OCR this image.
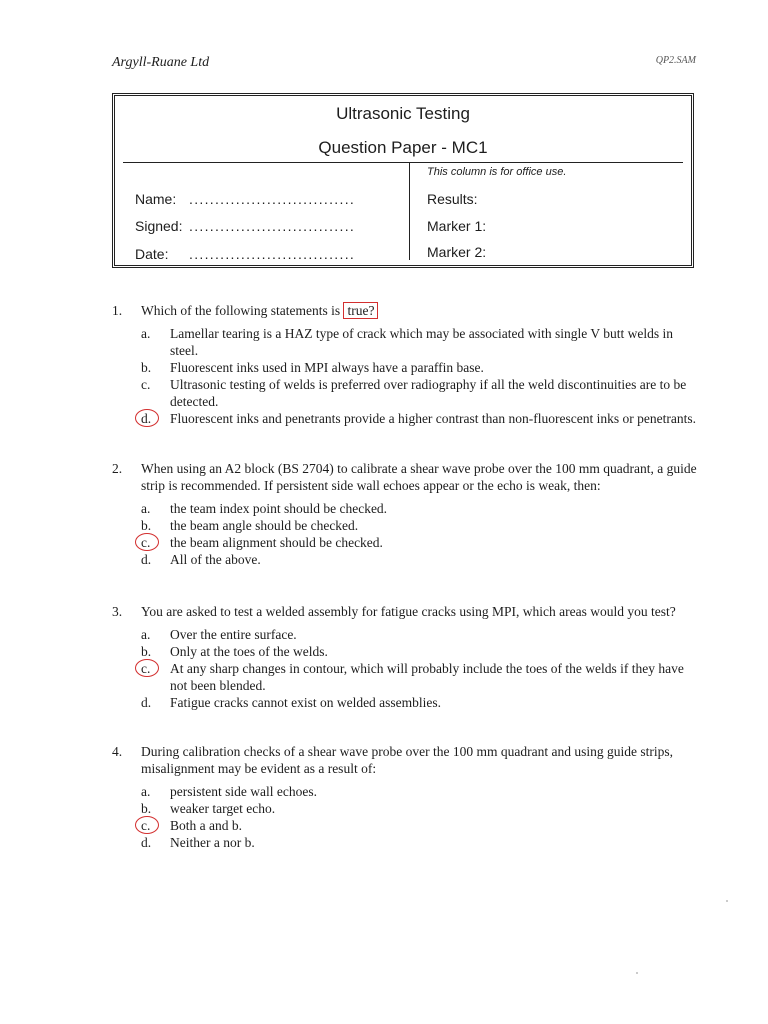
Argyll-Ruane Ltd	QP2.SAM
Ultrasonic Testing
Question Paper - MC1
This column is for office use.
Name: ................................
Signed: ................................
Date: ................................
Results:
Marker 1:
Marker 2:
1.	Which of the following statements is true?
a.	Lamellar tearing is a HAZ type of crack which may be associated with single V butt welds in steel.
b.	Fluorescent inks used in MPI always have a paraffin base.
c.	Ultrasonic testing of welds is preferred over radiography if all the weld discontinuities are to be detected.
d.	Fluorescent inks and penetrants provide a higher contrast than non-fluorescent inks or penetrants.
2.	When using an A2 block (BS 2704) to calibrate a shear wave probe over the 100 mm quadrant, a guide strip is recommended. If persistent side wall echoes appear or the echo is weak, then:
a.	the team index point should be checked.
b.	the beam angle should be checked.
c.	the beam alignment should be checked.
d.	All of the above.
3.	You are asked to test a welded assembly for fatigue cracks using MPI, which areas would you test?
a.	Over the entire surface.
b.	Only at the toes of the welds.
c.	At any sharp changes in contour, which will probably include the toes of the welds if they have not been blended.
d.	Fatigue cracks cannot exist on welded assemblies.
4.	During calibration checks of a shear wave probe over the 100 mm quadrant and using guide strips, misalignment may be evident as a result of:
a.	persistent side wall echoes.
b.	weaker target echo.
c.	Both a and b.
d.	Neither a nor b.
